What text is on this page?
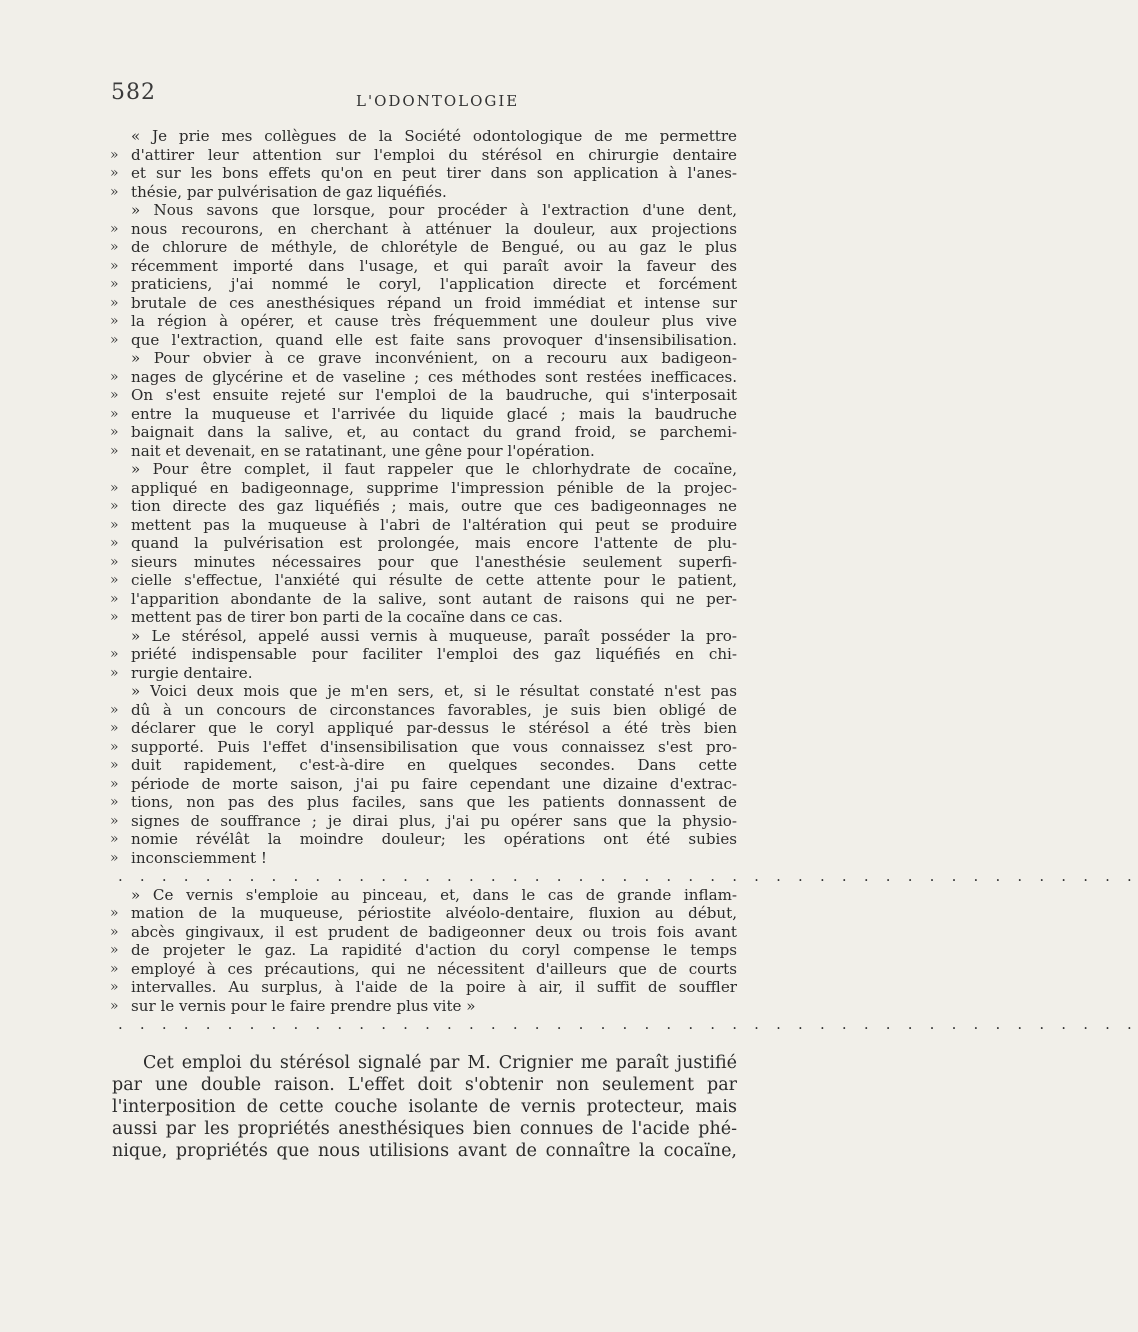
582	L'ODONTOLOGIE
« Je prie mes collègues de la Société odontologique de me permettre
» d'attirer leur attention sur l'emploi du stérésol en chirurgie dentaire
» et sur les bons effets qu'on en peut tirer dans son application à l'anes-
» thésie, par pulvérisation de gaz liquéfiés.
» Nous savons que lorsque, pour procéder à l'extraction d'une dent,
» nous recourons, en cherchant à atténuer la douleur, aux projections
» de chlorure de méthyle, de chlorétyle de Bengué, ou au gaz le plus
» récemment importé dans l'usage, et qui paraît avoir la faveur des
» praticiens, j'ai nommé le coryl, l'application directe et forcément
» brutale de ces anesthésiques répand un froid immédiat et intense sur
» la région à opérer, et cause très fréquemment une douleur plus vive
» que l'extraction, quand elle est faite sans provoquer d'insensibilisation.
» Pour obvier à ce grave inconvénient, on a recouru aux badigeon-
» nages de glycérine et de vaseline ; ces méthodes sont restées inefficaces.
» On s'est ensuite rejeté sur l'emploi de la baudruche, qui s'interposait
» entre la muqueuse et l'arrivée du liquide glacé ; mais la baudruche
» baignait dans la salive, et, au contact du grand froid, se parchemi-
» nait et devenait, en se ratatinant, une gêne pour l'opération.
» Pour être complet, il faut rappeler que le chlorhydrate de cocaïne,
» appliqué en badigeonnage, supprime l'impression pénible de la projec-
» tion directe des gaz liquéfiés ; mais, outre que ces badigeonnages ne
» mettent pas la muqueuse à l'abri de l'altération qui peut se produire
» quand la pulvérisation est prolongée, mais encore l'attente de plu-
» sieurs minutes nécessaires pour que l'anesthésie seulement superfi-
» cielle s'effectue, l'anxiété qui résulte de cette attente pour le patient,
» l'apparition abondante de la salive, sont autant de raisons qui ne per-
» mettent pas de tirer bon parti de la cocaïne dans ce cas.
» Le stérésol, appelé aussi vernis à muqueuse, paraît posséder la pro-
» priété indispensable pour faciliter l'emploi des gaz liquéfiés en chi-
» rurgie dentaire.
» Voici deux mois que je m'en sers, et, si le résultat constaté n'est pas
» dû à un concours de circonstances favorables, je suis bien obligé de
» déclarer que le coryl appliqué par-dessus le stérésol a été très bien
» supporté. Puis l'effet d'insensibilisation que vous connaissez s'est pro-
» duit rapidement, c'est-à-dire en quelques secondes. Dans cette
» période de morte saison, j'ai pu faire cependant une dizaine d'extrac-
» tions, non pas des plus faciles, sans que les patients donnassent de
» signes de souffrance ; je dirai plus, j'ai pu opérer sans que la physio-
» nomie révélât la moindre douleur; les opérations ont été subies
» inconsciemment !
. . . . . . . . . . . . . . . . . . . . . . . . . . . . . . . . . . . . . . . . . . . . . . .
» Ce vernis s'emploie au pinceau, et, dans le cas de grande inflam-
» mation de la muqueuse, périostite alvéolo-dentaire, fluxion au début,
» abcès gingivaux, il est prudent de badigeonner deux ou trois fois avant
» de projeter le gaz. La rapidité d'action du coryl compense le temps
» employé à ces précautions, qui ne nécessitent d'ailleurs que de courts
» intervalles. Au surplus, à l'aide de la poire à air, il suffit de souffler
» sur le vernis pour le faire prendre plus vite »
. . . . . . . . . . . . . . . . . . . . . . . . . . . . . . . . . . . . . . . . . . . . . . .
Cet emploi du stérésol signalé par M. Crignier me paraît justifié
par une double raison. L'effet doit s'obtenir non seulement par
l'interposition de cette couche isolante de vernis protecteur, mais
aussi par les propriétés anesthésiques bien connues de l'acide phé-
nique, propriétés que nous utilisions avant de connaître la cocaïne,
